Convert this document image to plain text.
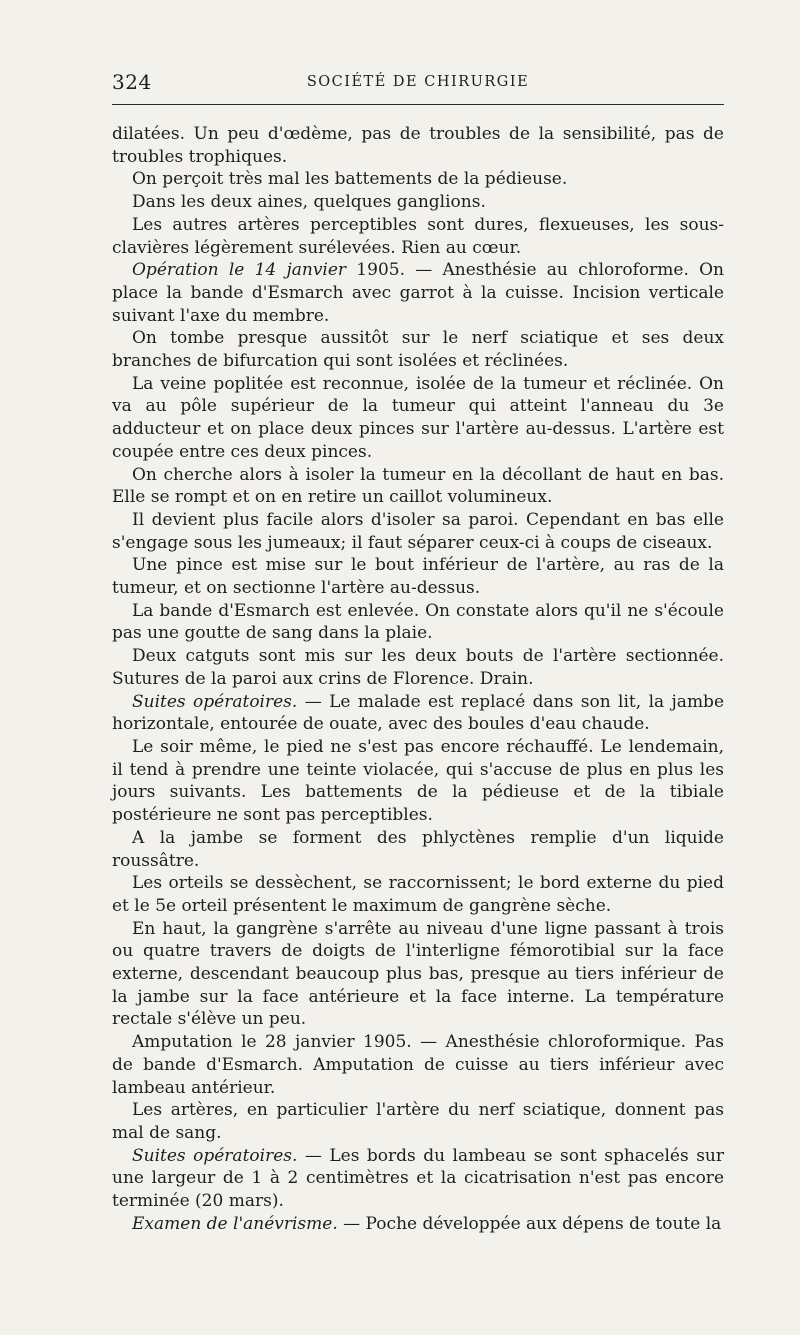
324	SOCIÉTÉ DE CHIRURGIE

dilatées. Un peu d'œdème, pas de troubles de la sensibilité, pas de troubles trophiques.

On perçoit très mal les battements de la pédieuse.

Dans les deux aines, quelques ganglions.

Les autres artères perceptibles sont dures, flexueuses, les sous-clavières légèrement surélevées. Rien au cœur.

Opération le 14 janvier 1905. — Anesthésie au chloroforme. On place la bande d'Esmarch avec garrot à la cuisse. Incision verticale suivant l'axe du membre.

On tombe presque aussitôt sur le nerf sciatique et ses deux branches de bifurcation qui sont isolées et réclinées.

La veine poplitée est reconnue, isolée de la tumeur et réclinée. On va au pôle supérieur de la tumeur qui atteint l'anneau du 3e adducteur et on place deux pinces sur l'artère au-dessus. L'artère est coupée entre ces deux pinces.

On cherche alors à isoler la tumeur en la décollant de haut en bas. Elle se rompt et on en retire un caillot volumineux.

Il devient plus facile alors d'isoler sa paroi. Cependant en bas elle s'engage sous les jumeaux; il faut séparer ceux-ci à coups de ciseaux.

Une pince est mise sur le bout inférieur de l'artère, au ras de la tumeur, et on sectionne l'artère au-dessus.

La bande d'Esmarch est enlevée. On constate alors qu'il ne s'écoule pas une goutte de sang dans la plaie.

Deux catguts sont mis sur les deux bouts de l'artère sectionnée. Sutures de la paroi aux crins de Florence. Drain.

Suites opératoires. — Le malade est replacé dans son lit, la jambe horizontale, entourée de ouate, avec des boules d'eau chaude.

Le soir même, le pied ne s'est pas encore réchauffé. Le lendemain, il tend à prendre une teinte violacée, qui s'accuse de plus en plus les jours suivants. Les battements de la pédieuse et de la tibiale postérieure ne sont pas perceptibles.

A la jambe se forment des phlyctènes remplie d'un liquide roussâtre.

Les orteils se dessèchent, se raccornissent; le bord externe du pied et le 5e orteil présentent le maximum de gangrène sèche.

En haut, la gangrène s'arrête au niveau d'une ligne passant à trois ou quatre travers de doigts de l'interligne fémorotibial sur la face externe, descendant beaucoup plus bas, presque au tiers inférieur de la jambe sur la face antérieure et la face interne. La température rectale s'élève un peu.

Amputation le 28 janvier 1905. — Anesthésie chloroformique. Pas de bande d'Esmarch. Amputation de cuisse au tiers inférieur avec lambeau antérieur.

Les artères, en particulier l'artère du nerf sciatique, donnent pas mal de sang.

Suites opératoires. — Les bords du lambeau se sont sphacelés sur une largeur de 1 à 2 centimètres et la cicatrisation n'est pas encore terminée (20 mars).

Examen de l'anévrisme. — Poche développée aux dépens de toute la
